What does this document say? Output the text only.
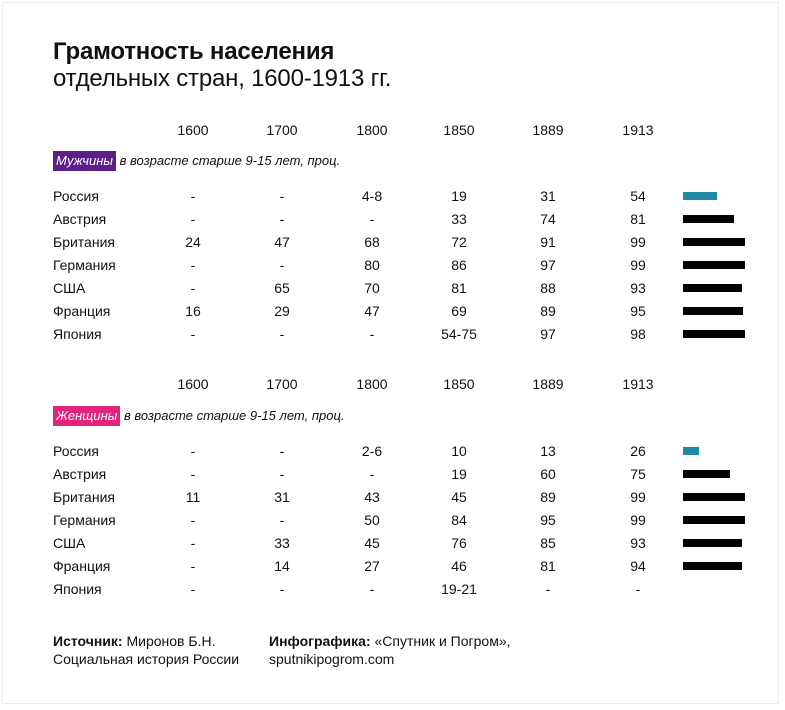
Грамотность населения
отдельных стран, 1600-1913 гг.
1600	1700	1800	1850	1889	1913
Мужчины в возрасте старше 9-15 лет, проц.
Россия	-	-	4-8	19	31	54
Австрия	-	-	-	33	74	81
Британия	24	47	68	72	91	99
Германия	-	-	80	86	97	99
США	-	65	70	81	88	93
Франция	16	29	47	69	89	95
Япония	-	-	-	54-75	97	98
1600	1700	1800	1850	1889	1913
Женщины в возрасте старше 9-15 лет, проц.
Россия	-	-	2-6	10	13	26
Австрия	-	-	-	19	60	75
Британия	11	31	43	45	89	99
Германия	-	-	50	84	95	99
США	-	33	45	76	85	93
Франция	-	14	27	46	81	94
Япония	-	-	-	19-21	-	-
Источник: Миронов Б.Н.
Социальная история России
Инфографика: «Спутник и Погром»,
sputnikipogrom.com
